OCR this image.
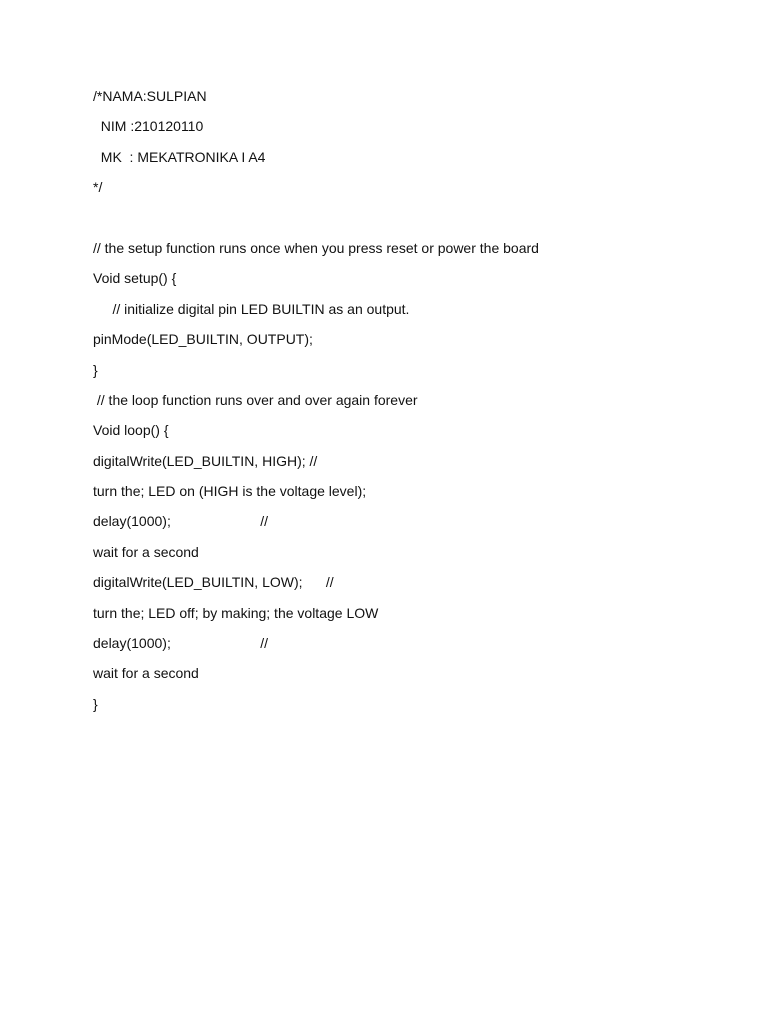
/*NAMA:SULPIAN
NIM :210120110
MK  : MEKATRONIKA I A4
*/
// the setup function runs once when you press reset or power the board
Void setup() {
// initialize digital pin LED BUILTIN as an output.
pinMode(LED_BUILTIN, OUTPUT);
}
// the loop function runs over and over again forever
Void loop() {
digitalWrite(LED_BUILTIN, HIGH); //
turn the; LED on (HIGH is the voltage level);
delay(1000);                       //
wait for a second
digitalWrite(LED_BUILTIN, LOW);      //
turn the; LED off; by making; the voltage LOW
delay(1000);                       //
wait for a second
}
